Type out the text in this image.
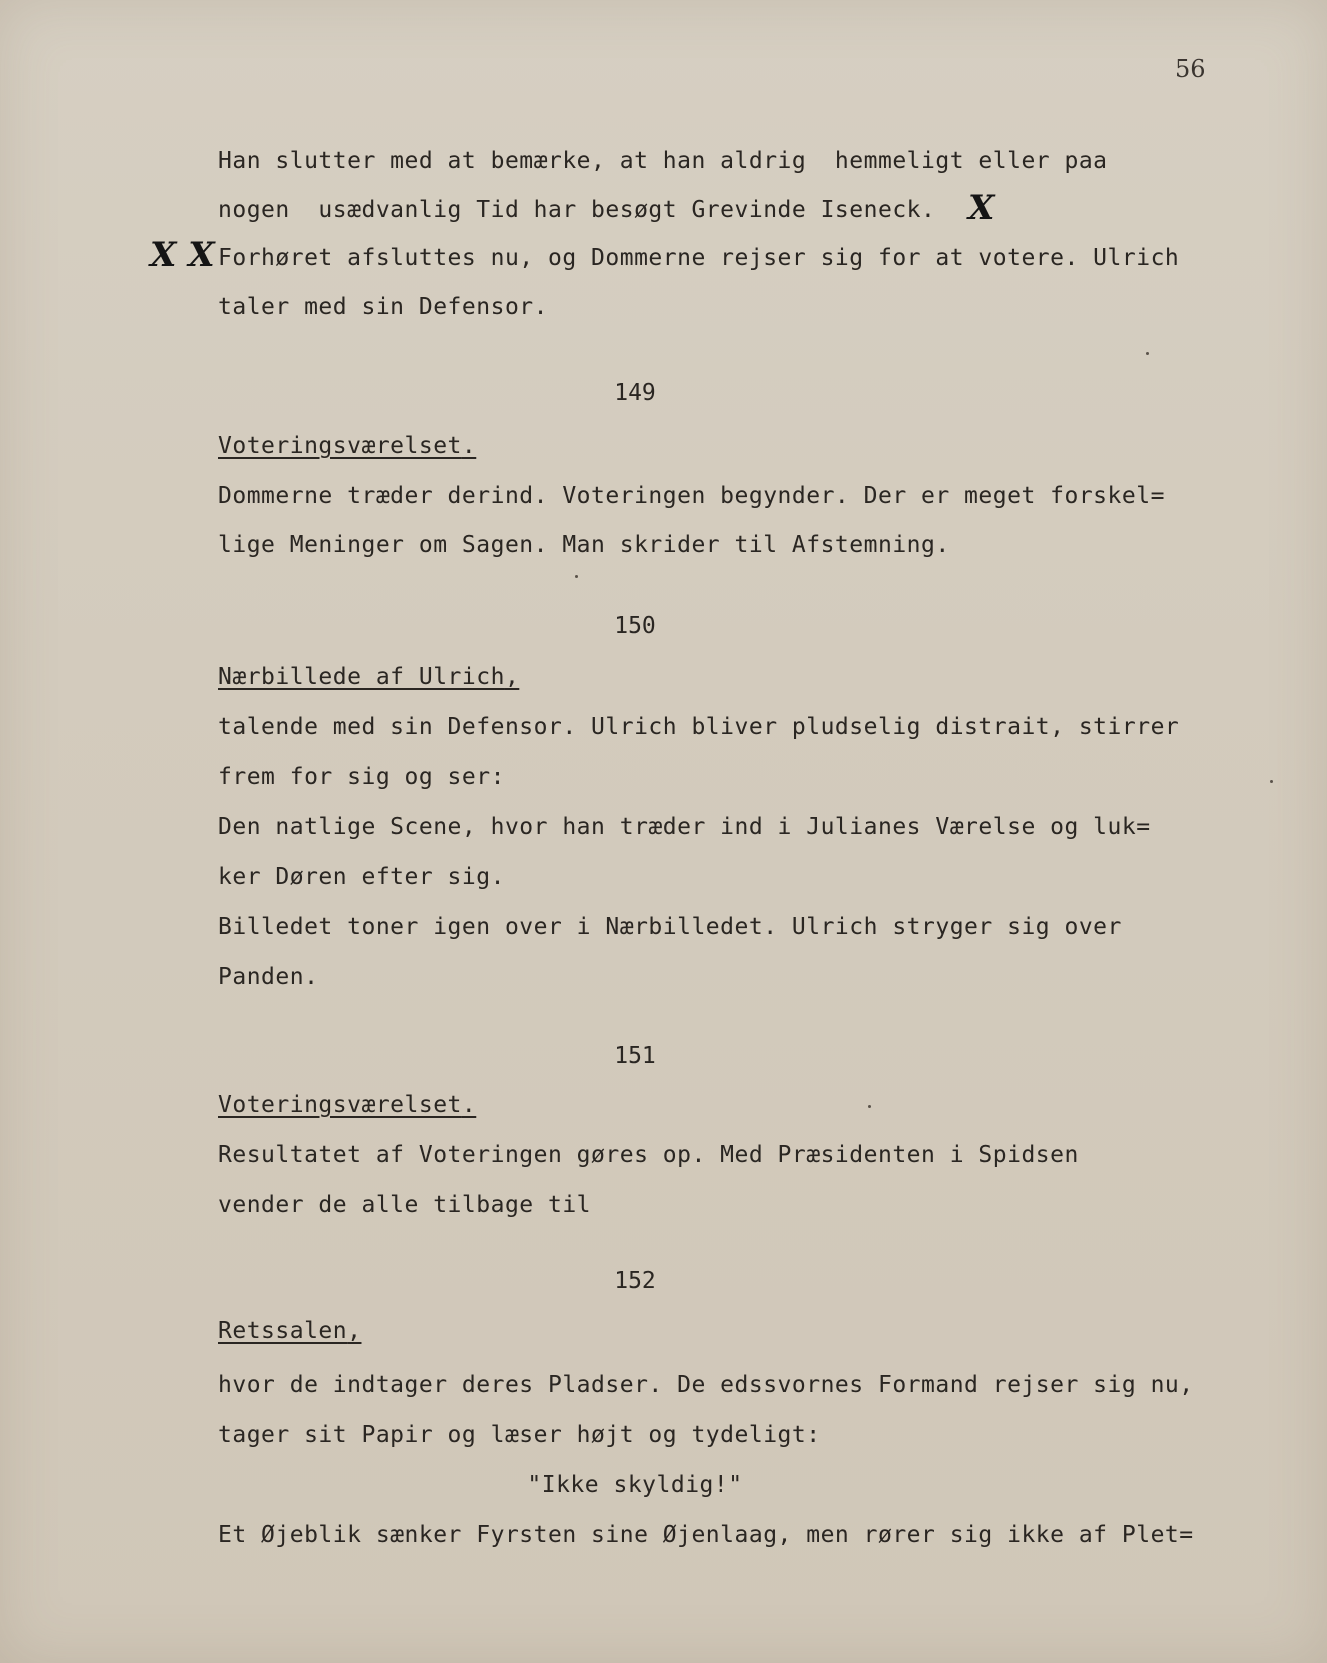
56
Han slutter med at bemærke, at han aldrig  hemmeligt eller paa
nogen  usædvanlig Tid har besøgt Grevinde Iseneck. X
X X Forhøret afsluttes nu, og Dommerne rejser sig for at votere. Ulrich
taler med sin Defensor.
149
Voteringsværelset.
Dommerne træder derind. Voteringen begynder. Der er meget forskel=
lige Meninger om Sagen. Man skrider til Afstemning.
150
Nærbillede af Ulrich,
talende med sin Defensor. Ulrich bliver pludselig distrait, stirrer
frem for sig og ser:
Den natlige Scene, hvor han træder ind i Julianes Værelse og luk=
ker Døren efter sig.
Billedet toner igen over i Nærbilledet. Ulrich stryger sig over
Panden.
151
Voteringsværelset.
Resultatet af Voteringen gøres op. Med Præsidenten i Spidsen
vender de alle tilbage til
152
Retssalen,
hvor de indtager deres Pladser. De edssvornes Formand rejser sig nu,
tager sit Papir og læser højt og tydeligt:
"Ikke skyldig!"
Et Øjeblik sænker Fyrsten sine Øjenlaag, men rører sig ikke af Plet=
